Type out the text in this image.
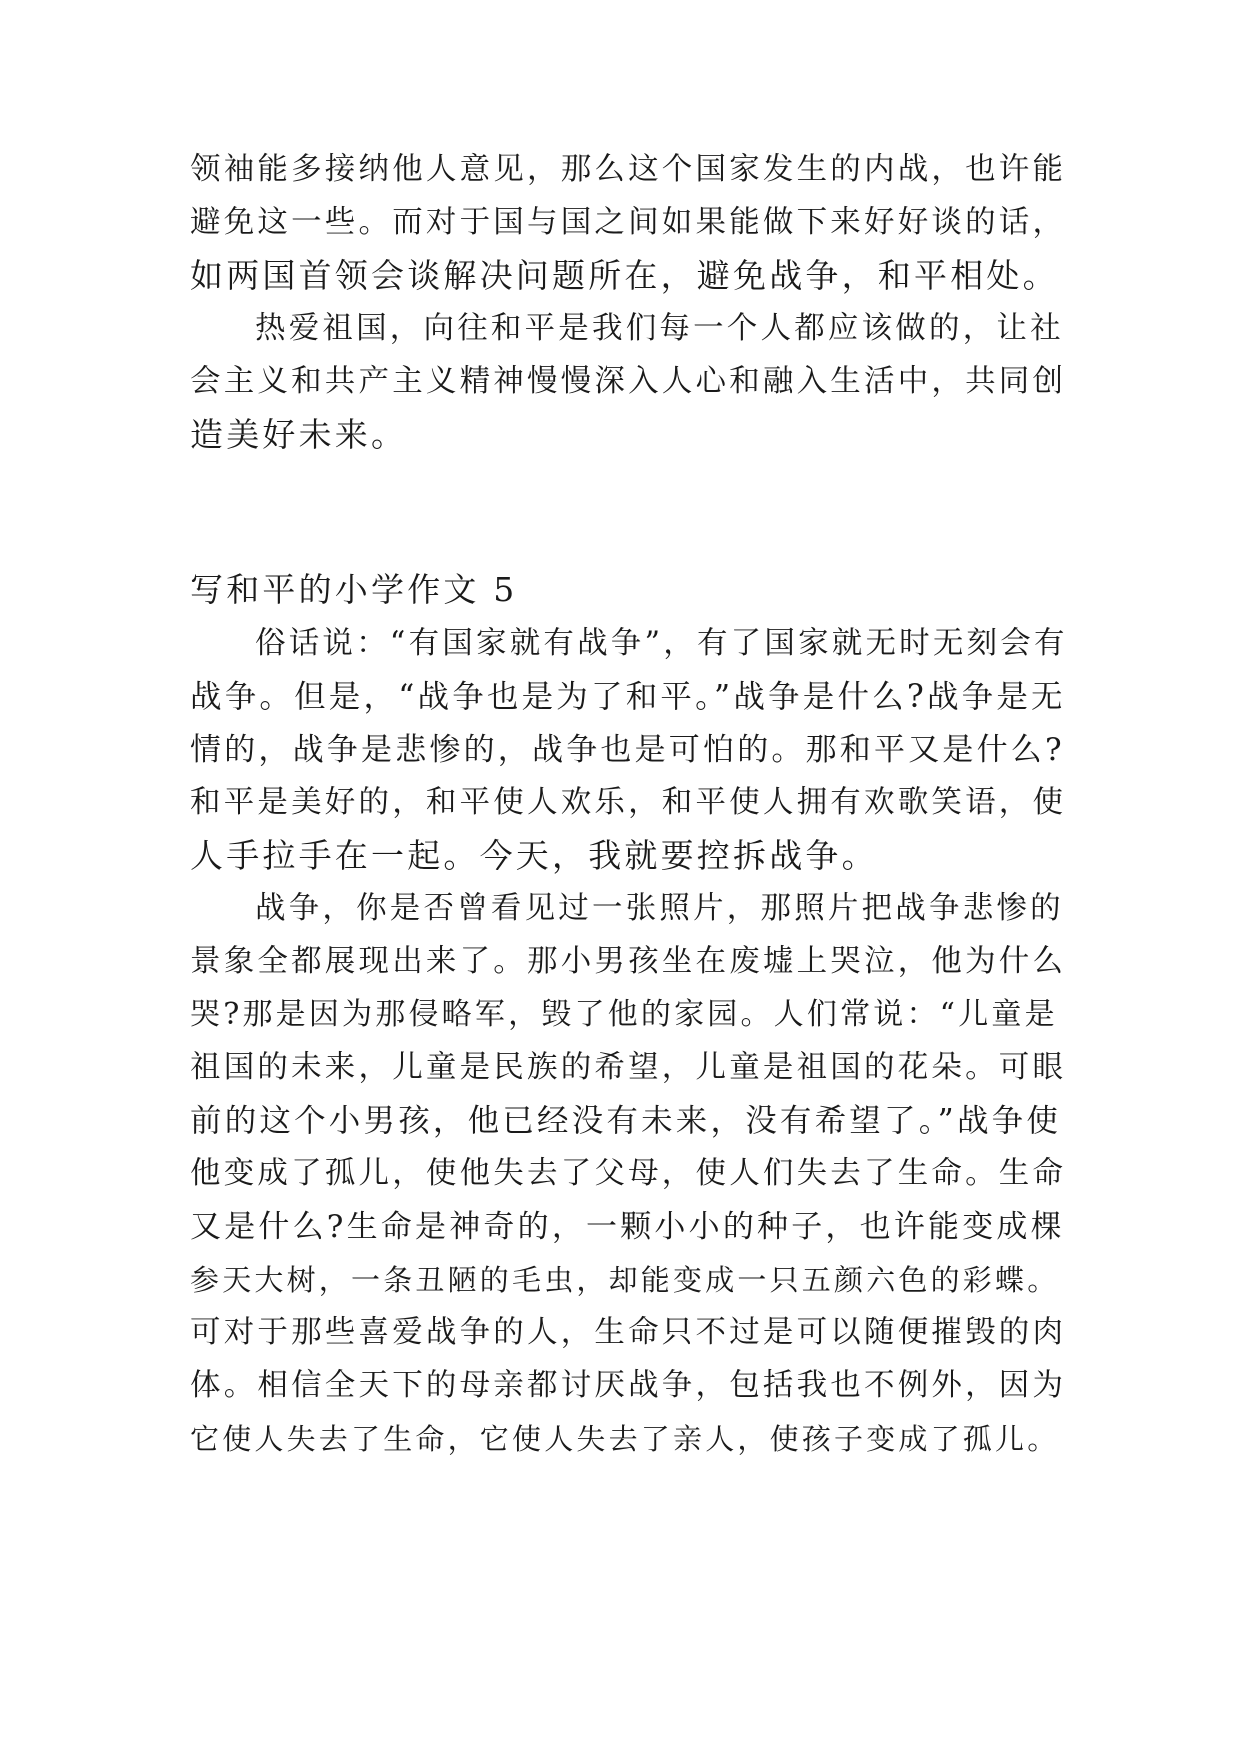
领袖能多接纳他人意见，那么这个国家发生的内战，也许能

避免这一些。而对于国与国之间如果能做下来好好谈的话，

如两国首领会谈解决问题所在，避免战争，和平相处。

热爱祖国，向往和平是我们每一个人都应该做的，让社

会主义和共产主义精神慢慢深入人心和融入生活中，共同创

造美好未来。

写和平的小学作文 5

俗话说：“有国家就有战争”，有了国家就无时无刻会有

战争。但是，“战争也是为了和平。”战争是什么?战争是无

情的，战争是悲惨的，战争也是可怕的。那和平又是什么?

和平是美好的，和平使人欢乐，和平使人拥有欢歌笑语，使

人手拉手在一起。今天，我就要控拆战争。

战争，你是否曾看见过一张照片，那照片把战争悲惨的

景象全都展现出来了。那小男孩坐在废墟上哭泣，他为什么

哭?那是因为那侵略军，毁了他的家园。人们常说：“儿童是

祖国的未来，儿童是民族的希望，儿童是祖国的花朵。可眼

前的这个小男孩，他已经没有未来，没有希望了。”战争使

他变成了孤儿，使他失去了父母，使人们失去了生命。生命

又是什么?生命是神奇的，一颗小小的种子，也许能变成棵

参天大树，一条丑陋的毛虫，却能变成一只五颜六色的彩蝶。

可对于那些喜爱战争的人，生命只不过是可以随便摧毁的肉

体。相信全天下的母亲都讨厌战争，包括我也不例外，因为

它使人失去了生命，它使人失去了亲人，使孩子变成了孤儿。
